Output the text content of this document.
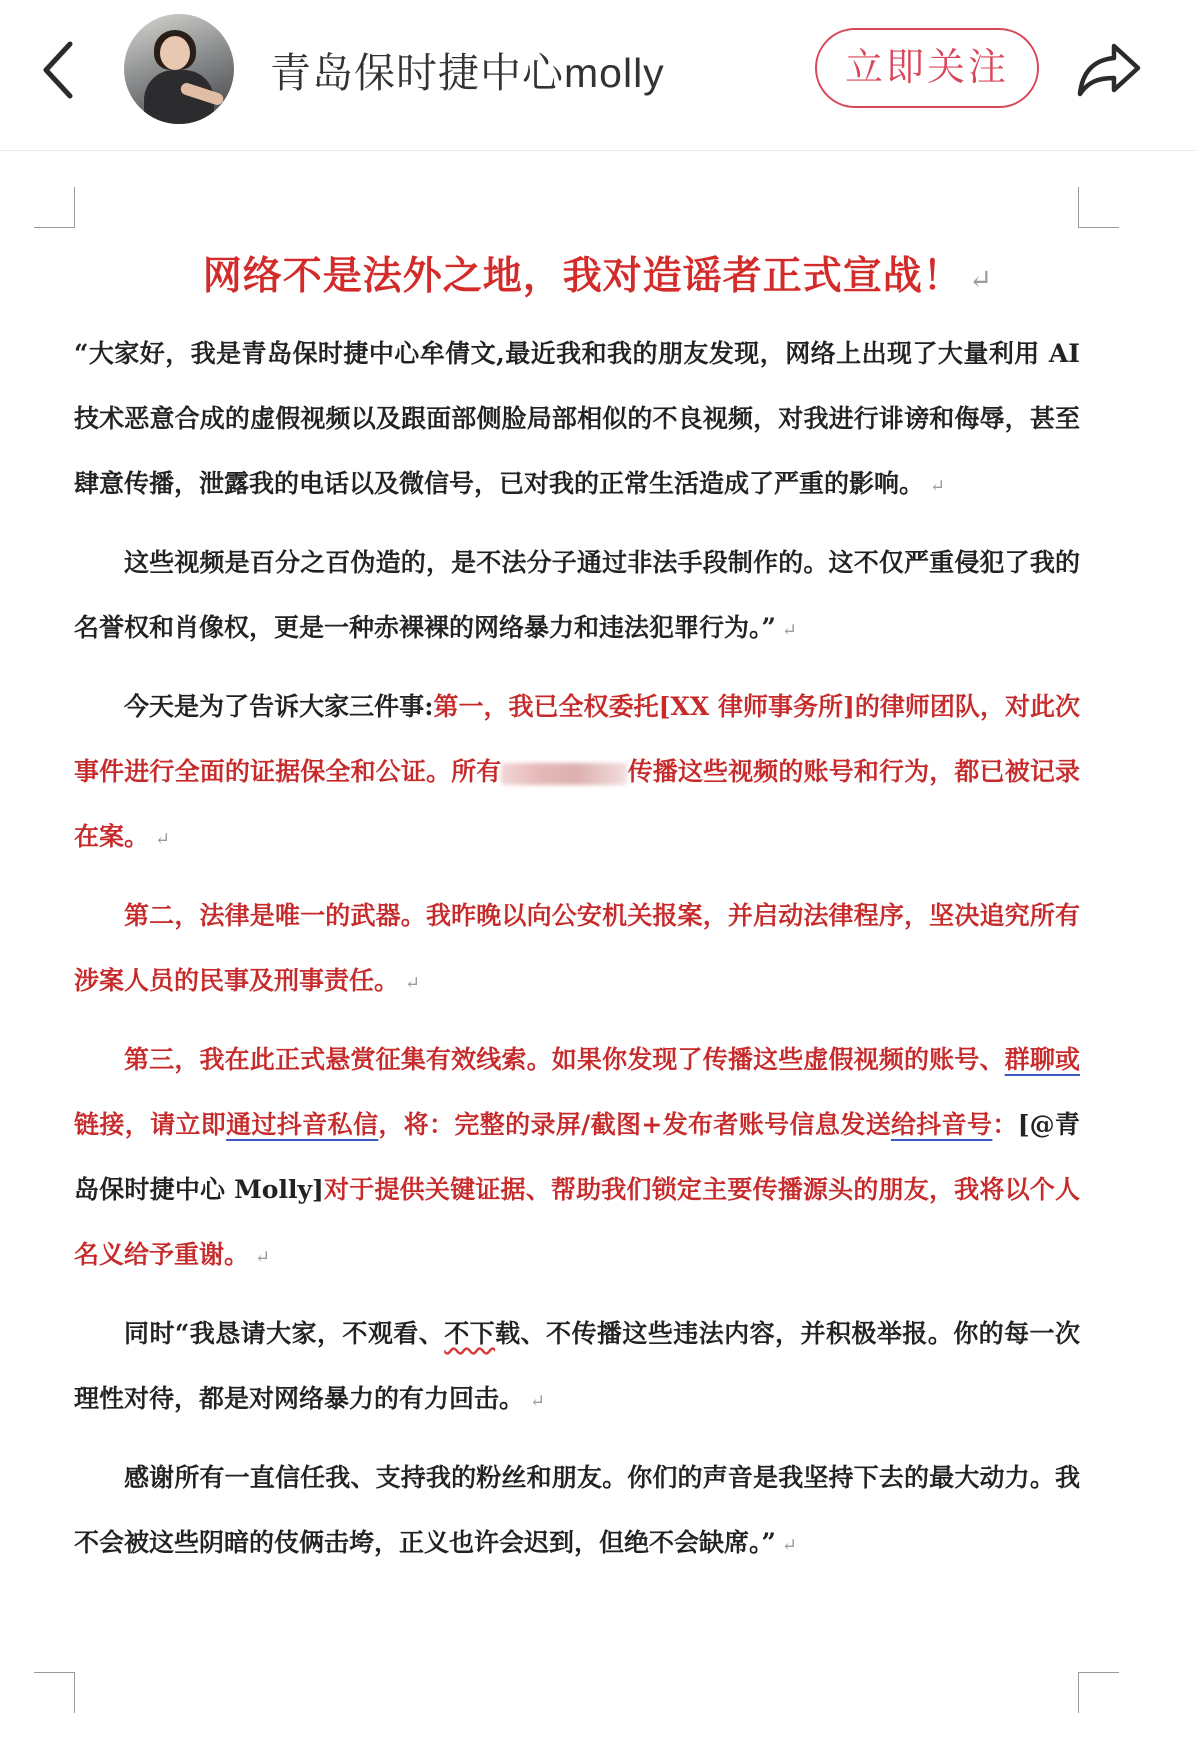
青岛保时捷中心molly	立即关注
网络不是法外之地，我对造谣者正式宣战！ ↵

“大家好，我是青岛保时捷中心牟倩文,最近我和我的朋友发现，网络上出现了大量利用 AI 技术恶意合成的虚假视频以及跟面部侧脸局部相似的不良视频，对我进行诽谤和侮辱，甚至肆意传播，泄露我的电话以及微信号，已对我的正常生活造成了严重的影响。 ↵

这些视频是百分之百伪造的，是不法分子通过非法手段制作的。这不仅严重侵犯了我的名誉权和肖像权，更是一种赤裸裸的网络暴力和违法犯罪行为。” ↵

今天是为了告诉大家三件事:第一，我已全权委托[XX 律师事务所]的律师团队，对此次事件进行全面的证据保全和公证。所有	传播这些视频的账号和行为，都已被记录在案。 ↵

第二，法律是唯一的武器。我昨晚以向公安机关报案，并启动法律程序，坚决追究所有涉案人员的民事及刑事责任。 ↵

第三，我在此正式悬赏征集有效线索。如果你发现了传播这些虚假视频的账号、群聊或链接，请立即通过抖音私信，将：完整的录屏/截图+发布者账号信息发送给抖音号：[@青岛保时捷中心 Molly]对于提供关键证据、帮助我们锁定主要传播源头的朋友，我将以个人名义给予重谢。 ↵

同时“我恳请大家，不观看、不下载、不传播这些违法内容，并积极举报。你的每一次理性对待，都是对网络暴力的有力回击。 ↵

感谢所有一直信任我、支持我的粉丝和朋友。你们的声音是我坚持下去的最大动力。我不会被这些阴暗的伎俩击垮，正义也许会迟到，但绝不会缺席。” ↵
